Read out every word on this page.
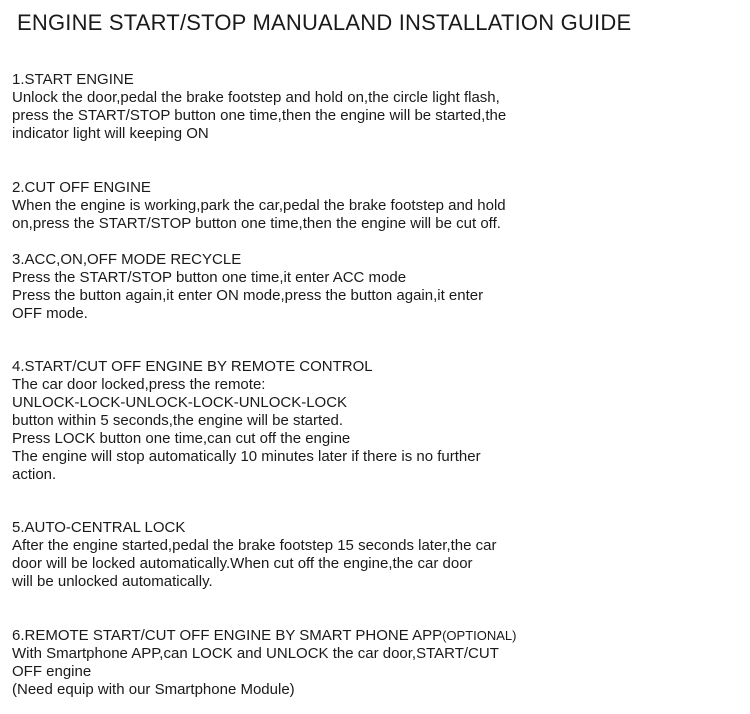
ENGINE START/STOP MANUALAND INSTALLATION GUIDE
1.START ENGINE
Unlock the door,pedal the brake footstep and hold on,the circle light flash,
press the START/STOP button one time,then the engine will be started,the
indicator light will keeping ON
2.CUT OFF ENGINE
When the engine is working,park the car,pedal the brake footstep and hold
on,press the START/STOP button one time,then the engine will be cut off.
3.ACC,ON,OFF MODE RECYCLE
Press the START/STOP button one time,it enter ACC mode
Press the button again,it enter ON mode,press the button again,it enter
OFF mode.
4.START/CUT OFF ENGINE BY REMOTE CONTROL
The car door locked,press the remote:
UNLOCK-LOCK-UNLOCK-LOCK-UNLOCK-LOCK
button within 5 seconds,the engine will be started.
Press LOCK button one time,can cut off the engine
The engine will stop automatically 10 minutes later if there is no further
action.
5.AUTO-CENTRAL LOCK
After the engine started,pedal the brake footstep 15 seconds later,the car
door will be locked automatically.When cut off the engine,the car door
will be unlocked automatically.
6.REMOTE START/CUT OFF ENGINE BY SMART PHONE APP(OPTIONAL)
With Smartphone APP,can LOCK and UNLOCK the car door,START/CUT
OFF engine
(Need equip with our Smartphone Module)
